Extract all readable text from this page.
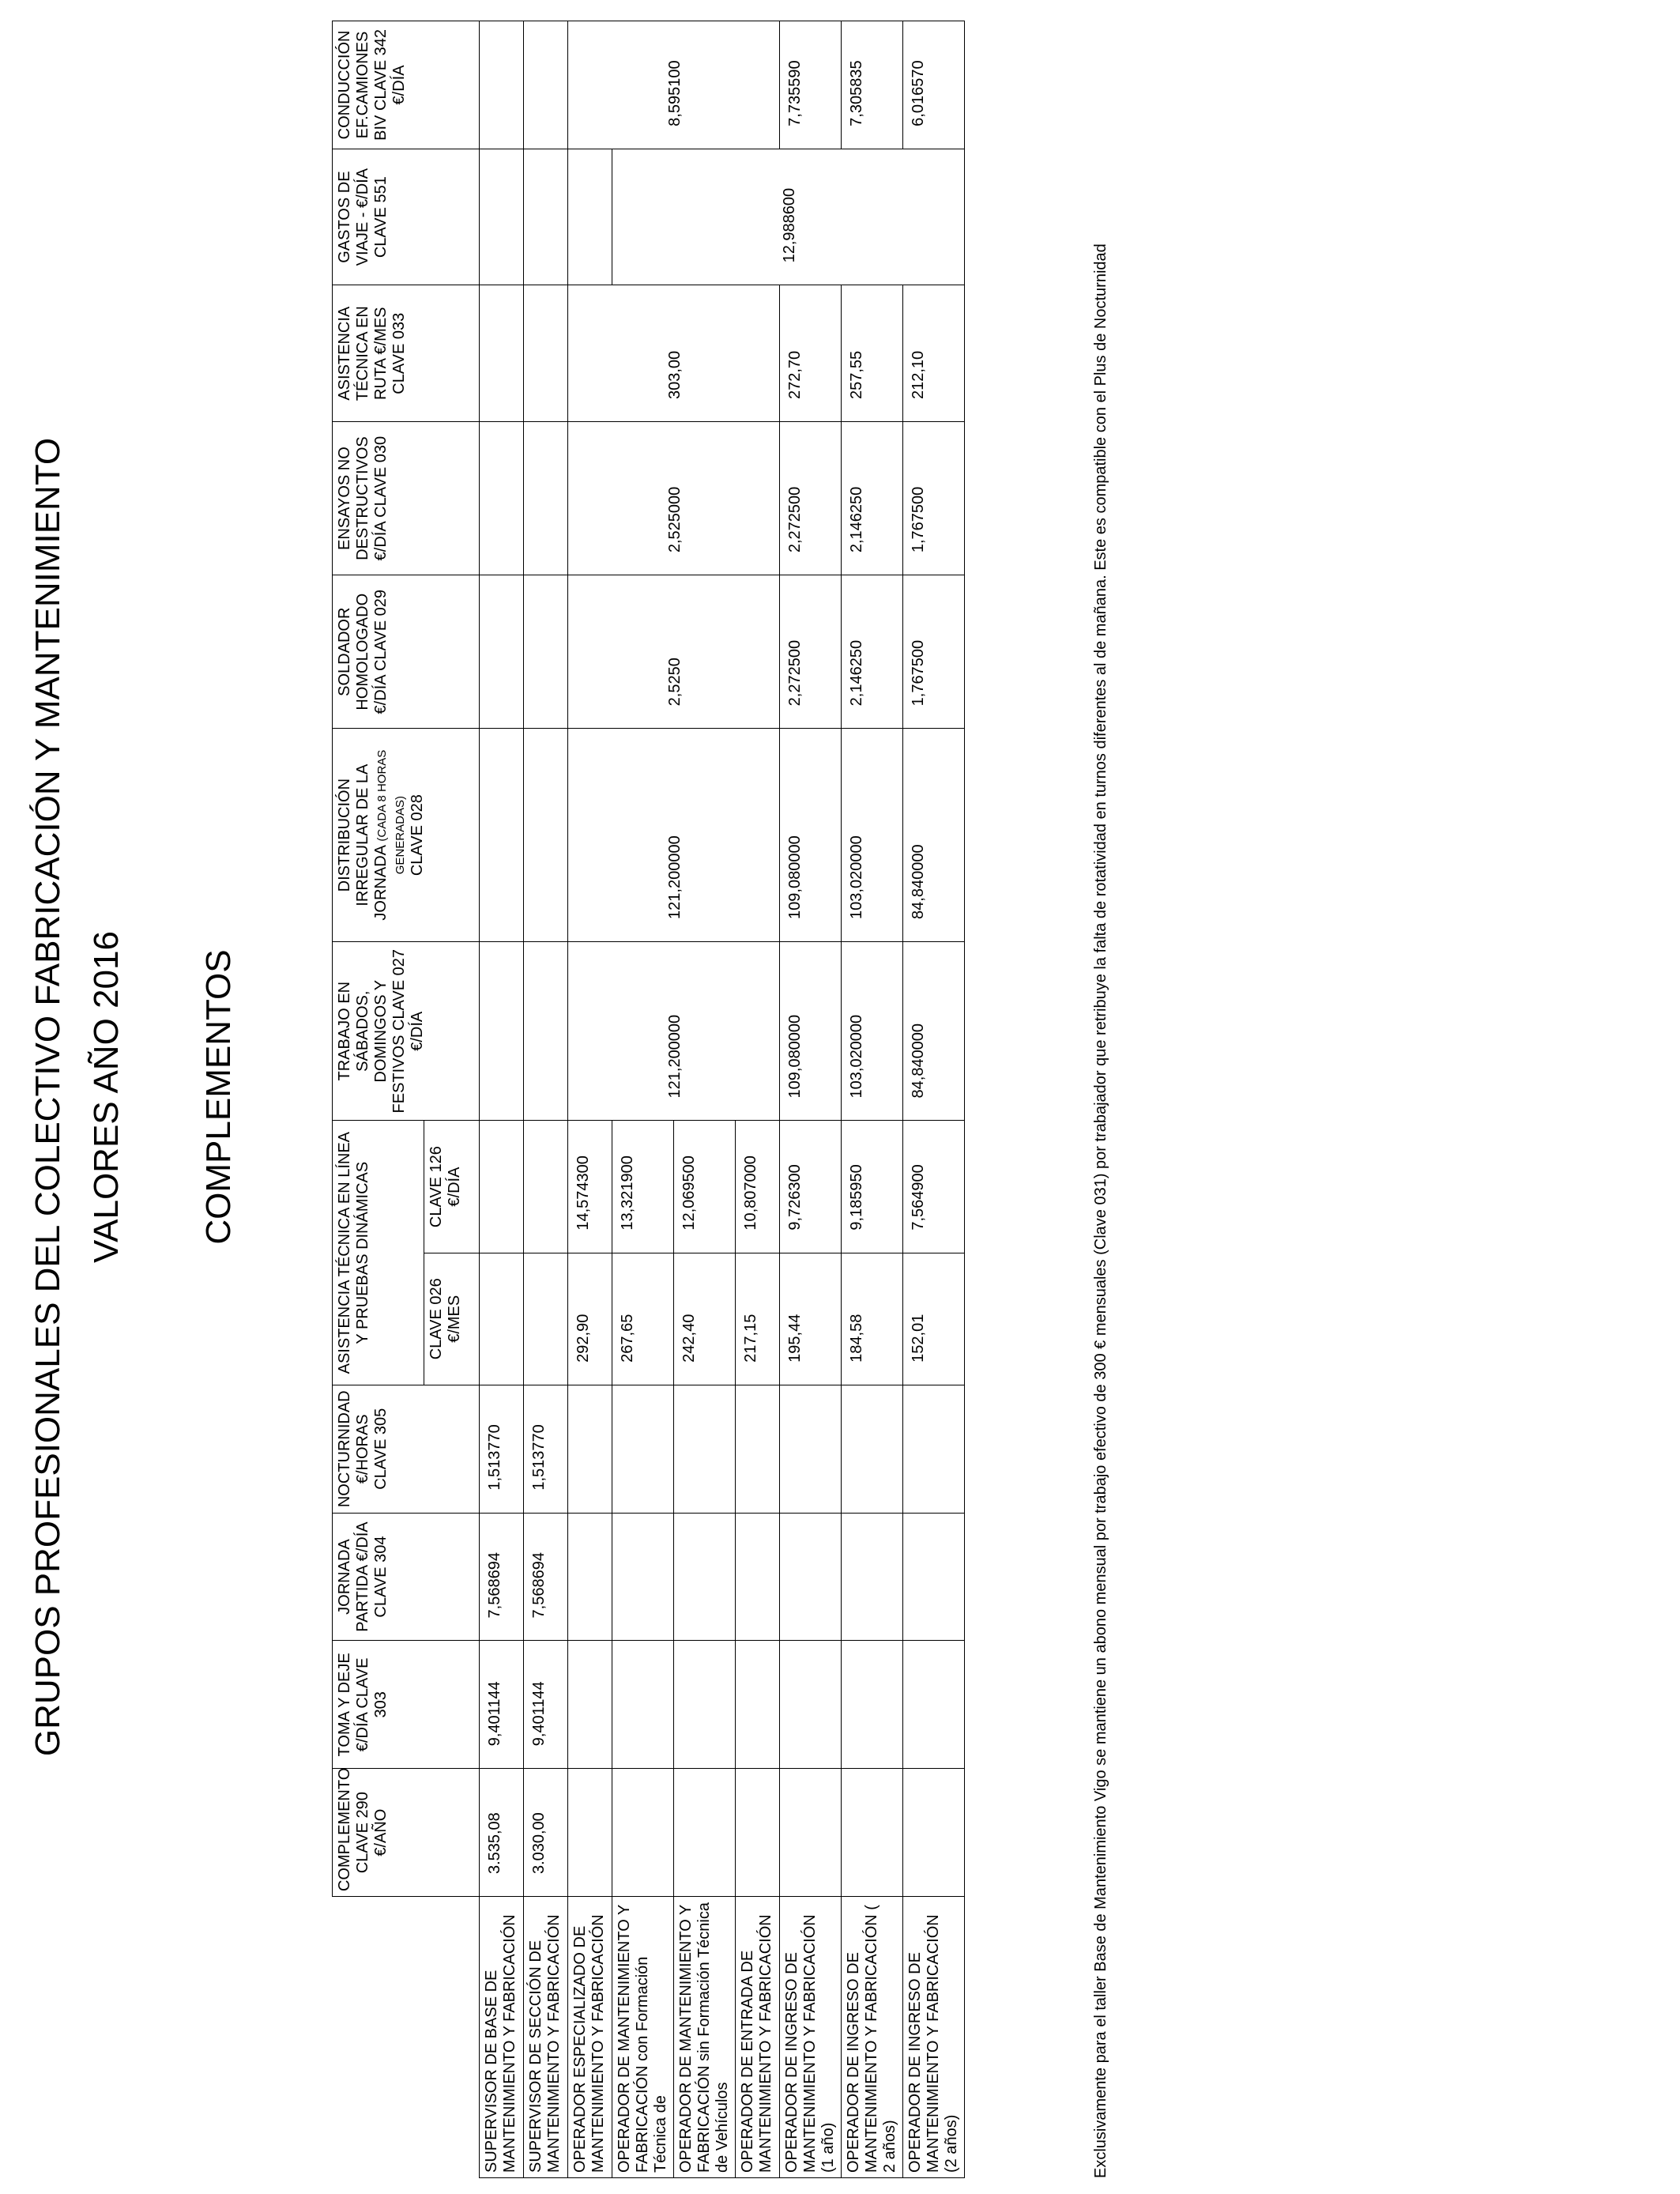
GRUPOS PROFESIONALES DEL COLECTIVO FABRICACIÓN Y MANTENIMIENTO VALORES AÑO 2016 COMPLEMENTOS
	COMPLEMENTO CLAVE 290 €/AÑO	TOMA Y DEJE €/DÍA CLAVE 303	JORNADA PARTIDA €/DÍA CLAVE 304	NOCTURNIDAD €/HORAS CLAVE 305	ASISTENCIA TÉCNICA EN LÍNEA Y PRUEBAS DINÁMICAS		TRABAJO EN SÁBADOS, DOMINGOS Y FESTIVOS CLAVE 027 €/DÍA	DISTRIBUCIÓN IRREGULAR DE LA JORNADA (CADA 8 HORAS GENERADAS) CLAVE 028	SOLDADOR HOMOLOGADO €/DÍA CLAVE 029	ENSAYOS NO DESTRUCTIVOS €/DÍA CLAVE 030	ASISTENCIA TÉCNICA EN RUTA €/MES CLAVE 033	GASTOS DE VIAJE - €/DÍA CLAVE 551	CONDUCCIÓN EF.CAMIONES BIV CLAVE 342 €/DÍA
					CLAVE 026 €/MES	CLAVE 126 €/DÍA							
SUPERVISOR DE BASE DE MANTENIMIENTO Y FABRICACIÓN	3.535,08	9,401144	7,568694	1,513770									
SUPERVISOR DE SECCIÓN DE MANTENIMIENTO Y FABRICACIÓN	3.030,00	9,401144	7,568694	1,513770									
OPERADOR ESPECIALIZADO DE MANTENIMIENTO Y FABRICACIÓN					292,90	14,574300	121,200000	121,200000	2,5250	2,525000	303,00		8,595100
OPERADOR DE MANTENIMIENTO Y FABRICACIÓN con Formación Técnica de					267,65	13,321900						12,988600	
OPERADOR DE MANTENIMIENTO Y FABRICACIÓN sin Formación Técnica de Vehículos					242,40	12,069500							
OPERADOR DE ENTRADA DE MANTENIMIENTO Y FABRICACIÓN					217,15	10,807000							
OPERADOR DE INGRESO DE MANTENIMIENTO Y FABRICACIÓN (1 año)					195,44	9,726300	109,080000	109,080000	2,272500	2,272500	272,70		7,735590
OPERADOR DE INGRESO DE MANTENIMIENTO Y FABRICACIÓN ( 2 años)					184,58	9,185950	103,020000	103,020000	2,146250	2,146250	257,55		7,305835
OPERADOR DE INGRESO DE MANTENIMIENTO Y FABRICACIÓN (2 años)					152,01	7,564900	84,840000	84,840000	1,767500	1,767500	212,10		6,016570
Exclusivamente para el taller Base de Mantenimiento Vigo se mantiene un abono mensual por trabajo efectivo de 300 € mensuales (Clave 031) por trabajador que retribuye la falta de rotatividad en turnos diferentes al de mañana. Este es compatible con el Plus de Nocturnidad
